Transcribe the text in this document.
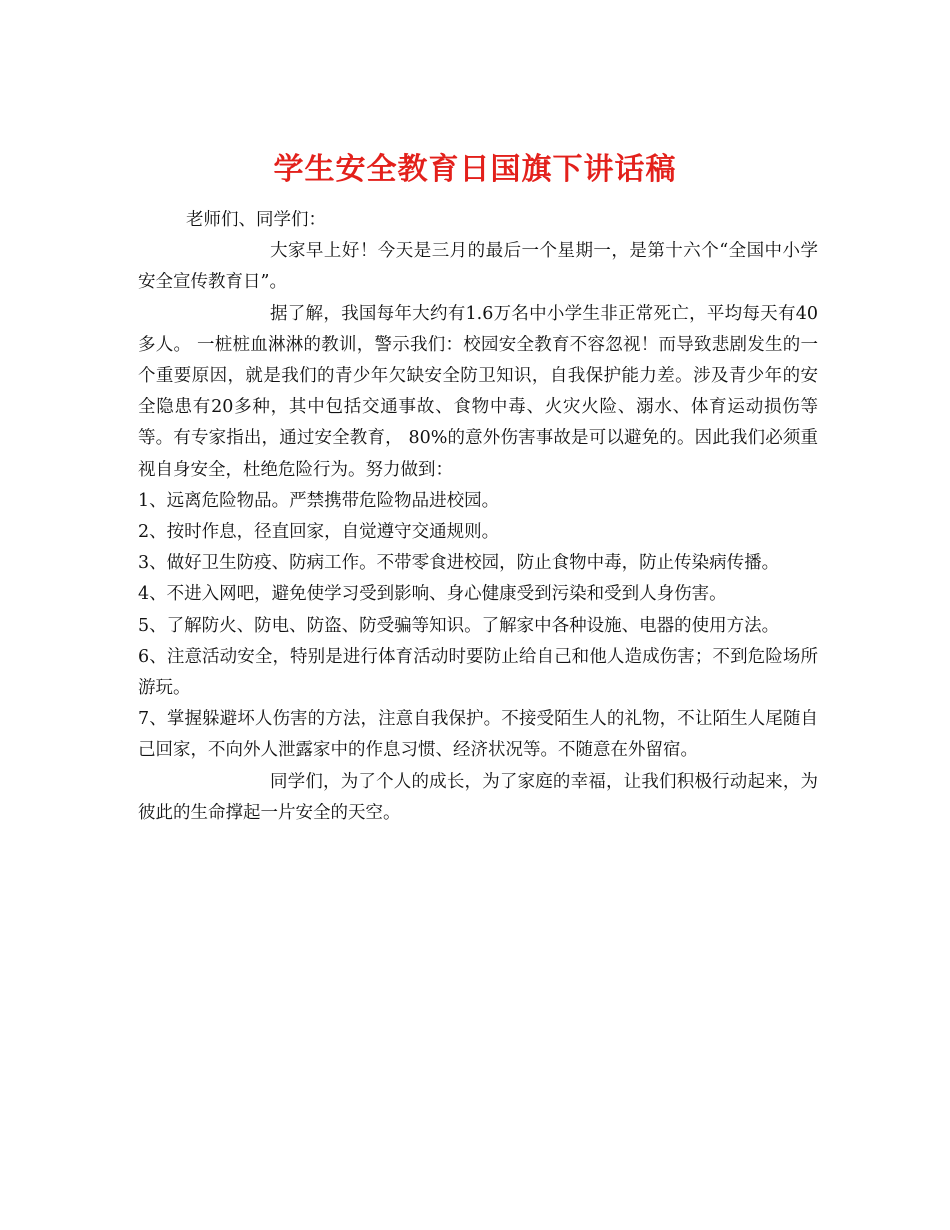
学生安全教育日国旗下讲话稿

老师们、同学们：

大家早上好！今天是三月的最后一个星期一，是第十六个“全国中小学安全宣传教育日”。

据了解，我国每年大约有1.6万名中小学生非正常死亡，平均每天有40多人。 一桩桩血淋淋的教训，警示我们：校园安全教育不容忽视！而导致悲剧发生的一个重要原因，就是我们的青少年欠缺安全防卫知识，自我保护能力差。涉及青少年的安全隐患有20多种，其中包括交通事故、食物中毒、火灾火险、溺水、体育运动损伤等等。有专家指出，通过安全教育， 80%的意外伤害事故是可以避免的。因此我们必须重视自身安全，杜绝危险行为。努力做到：

1、远离危险物品。严禁携带危险物品进校园。

2、按时作息，径直回家，自觉遵守交通规则。

3、做好卫生防疫、防病工作。不带零食进校园，防止食物中毒，防止传染病传播。

4、不进入网吧，避免使学习受到影响、身心健康受到污染和受到人身伤害。

5、了解防火、防电、防盗、防受骗等知识。了解家中各种设施、电器的使用方法。

6、注意活动安全，特别是进行体育活动时要防止给自己和他人造成伤害；不到危险场所游玩。

7、掌握躲避坏人伤害的方法，注意自我保护。不接受陌生人的礼物，不让陌生人尾随自己回家，不向外人泄露家中的作息习惯、经济状况等。不随意在外留宿。

同学们，为了个人的成长，为了家庭的幸福，让我们积极行动起来，为彼此的生命撑起一片安全的天空。
